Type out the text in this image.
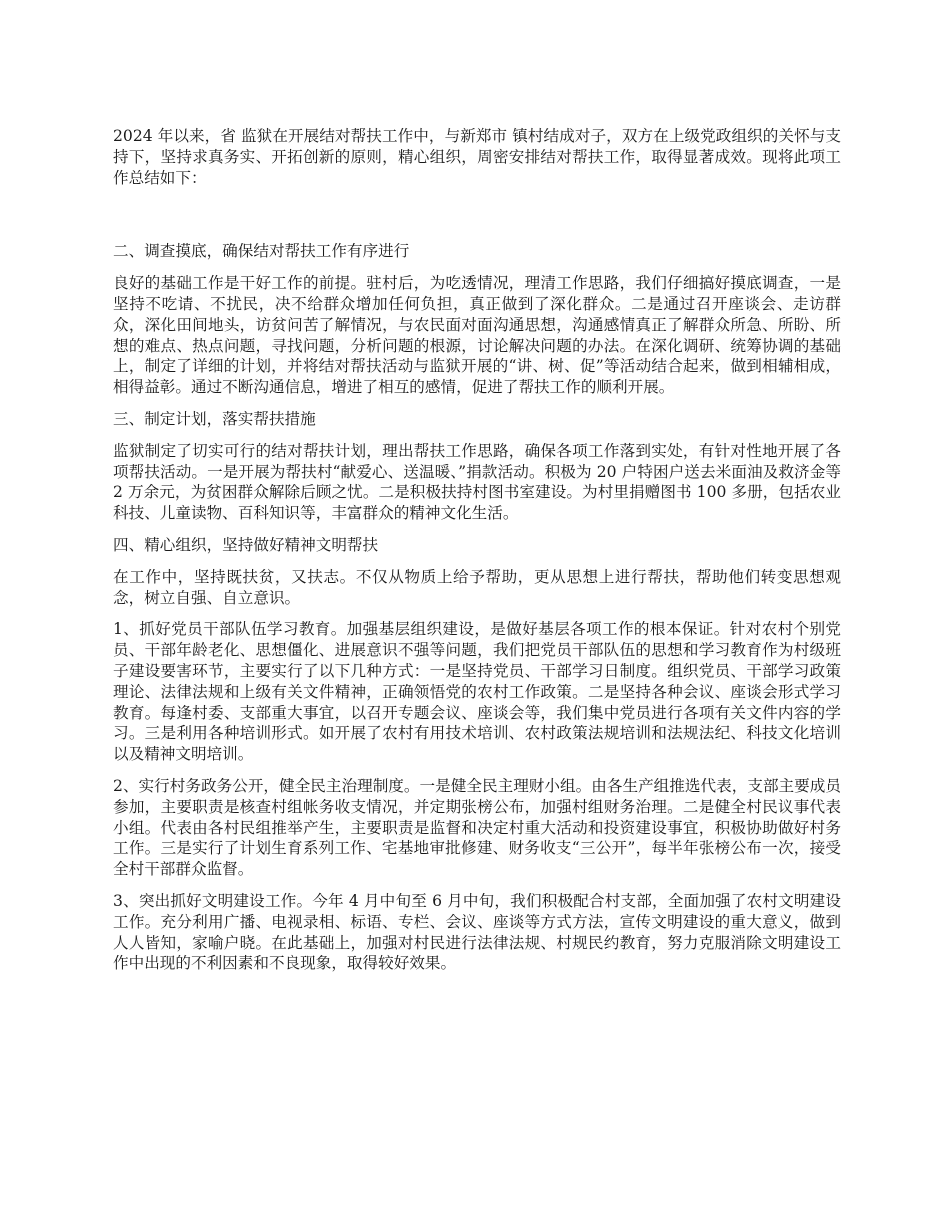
2024 年以来，省 监狱在开展结对帮扶工作中，与新郑市 镇村结成对子，双方在上级党政组织的关怀与支持下，坚持求真务实、开拓创新的原则，精心组织，周密安排结对帮扶工作，取得显著成效。现将此项工作总结如下：

二、调查摸底，确保结对帮扶工作有序进行

良好的基础工作是干好工作的前提。驻村后，为吃透情况，理清工作思路，我们仔细搞好摸底调查，一是坚持不吃请、不扰民，决不给群众增加任何负担，真正做到了深化群众。二是通过召开座谈会、走访群众，深化田间地头，访贫问苦了解情况，与农民面对面沟通思想，沟通感情真正了解群众所急、所盼、所想的难点、热点问题，寻找问题，分析问题的根源，讨论解决问题的办法。在深化调研、统筹协调的基础上，制定了详细的计划，并将结对帮扶活动与监狱开展的“讲、树、促”等活动结合起来，做到相辅相成，相得益彰。通过不断沟通信息，增进了相互的感情，促进了帮扶工作的顺利开展。

三、制定计划，落实帮扶措施

监狱制定了切实可行的结对帮扶计划，理出帮扶工作思路，确保各项工作落到实处，有针对性地开展了各项帮扶活动。一是开展为帮扶村“献爱心、送温暖、”捐款活动。积极为 20 户特困户送去米面油及救济金等 2 万余元，为贫困群众解除后顾之忧。二是积极扶持村图书室建设。为村里捐赠图书 100 多册，包括农业科技、儿童读物、百科知识等，丰富群众的精神文化生活。

四、精心组织，坚持做好精神文明帮扶

在工作中，坚持既扶贫，又扶志。不仅从物质上给予帮助，更从思想上进行帮扶，帮助他们转变思想观念，树立自强、自立意识。

1、抓好党员干部队伍学习教育。加强基层组织建设，是做好基层各项工作的根本保证。针对农村个别党员、干部年龄老化、思想僵化、进展意识不强等问题，我们把党员干部队伍的思想和学习教育作为村级班子建设要害环节，主要实行了以下几种方式：一是坚持党员、干部学习日制度。组织党员、干部学习政策理论、法律法规和上级有关文件精神，正确领悟党的农村工作政策。二是坚持各种会议、座谈会形式学习教育。每逢村委、支部重大事宜，以召开专题会议、座谈会等，我们集中党员进行各项有关文件内容的学习。三是利用各种培训形式。如开展了农村有用技术培训、农村政策法规培训和法规法纪、科技文化培训以及精神文明培训。

2、实行村务政务公开，健全民主治理制度。一是健全民主理财小组。由各生产组推选代表，支部主要成员参加，主要职责是核查村组帐务收支情况，并定期张榜公布，加强村组财务治理。二是健全村民议事代表小组。代表由各村民组推举产生，主要职责是监督和决定村重大活动和投资建设事宜，积极协助做好村务工作。三是实行了计划生育系列工作、宅基地审批修建、财务收支“三公开”，每半年张榜公布一次，接受全村干部群众监督。

3、突出抓好文明建设工作。今年 4 月中旬至 6 月中旬，我们积极配合村支部，全面加强了农村文明建设工作。充分利用广播、电视录相、标语、专栏、会议、座谈等方式方法，宣传文明建设的重大意义，做到人人皆知，家喻户晓。在此基础上，加强对村民进行法律法规、村规民约教育，努力克服消除文明建设工作中出现的不利因素和不良现象，取得较好效果。
